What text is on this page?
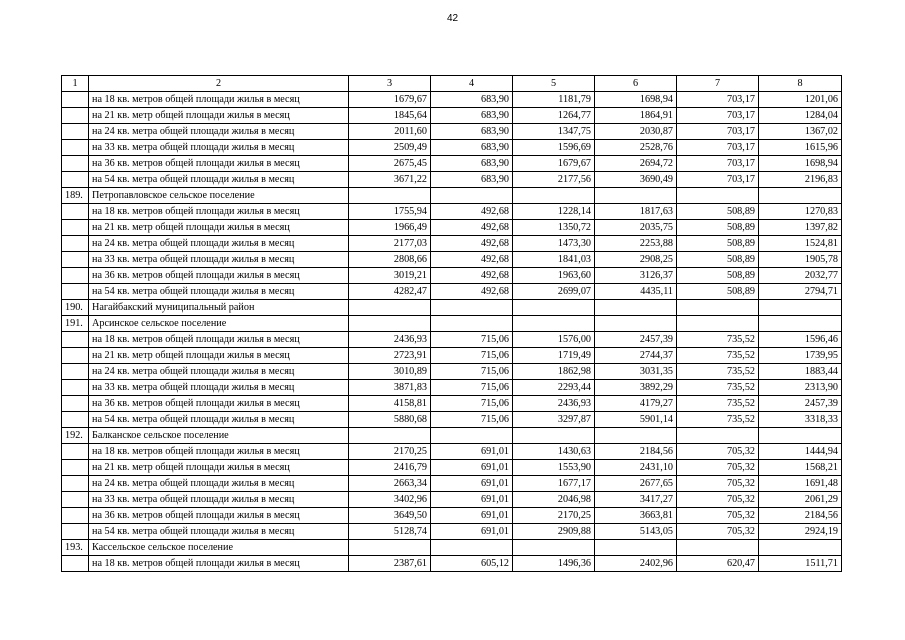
42
1	2	3	4	5	6	7	8
	на 18 кв. метров общей площади жилья в месяц	1679,67	683,90	1181,79	1698,94	703,17	1201,06
	на 21 кв. метр общей площади жилья в месяц	1845,64	683,90	1264,77	1864,91	703,17	1284,04
	на 24 кв. метра общей площади жилья в месяц	2011,60	683,90	1347,75	2030,87	703,17	1367,02
	на 33 кв. метра общей площади жилья в месяц	2509,49	683,90	1596,69	2528,76	703,17	1615,96
	на 36 кв. метров общей площади жилья в месяц	2675,45	683,90	1679,67	2694,72	703,17	1698,94
	на 54 кв. метра общей площади жилья в месяц	3671,22	683,90	2177,56	3690,49	703,17	2196,83
189.	Петропавловское сельское поселение						
	на 18 кв. метров общей площади жилья в месяц	1755,94	492,68	1228,14	1817,63	508,89	1270,83
	на 21 кв. метр общей площади жилья в месяц	1966,49	492,68	1350,72	2035,75	508,89	1397,82
	на 24 кв. метра общей площади жилья в месяц	2177,03	492,68	1473,30	2253,88	508,89	1524,81
	на 33 кв. метра общей площади жилья в месяц	2808,66	492,68	1841,03	2908,25	508,89	1905,78
	на 36 кв. метров общей площади жилья в месяц	3019,21	492,68	1963,60	3126,37	508,89	2032,77
	на 54 кв. метра общей площади жилья в месяц	4282,47	492,68	2699,07	4435,11	508,89	2794,71
190.	Нагайбакский муниципальный район						
191.	Арсинское сельское поселение						
	на 18 кв. метров общей площади жилья в месяц	2436,93	715,06	1576,00	2457,39	735,52	1596,46
	на 21 кв. метр общей площади жилья в месяц	2723,91	715,06	1719,49	2744,37	735,52	1739,95
	на 24 кв. метра общей площади жилья в месяц	3010,89	715,06	1862,98	3031,35	735,52	1883,44
	на 33 кв. метра общей площади жилья в месяц	3871,83	715,06	2293,44	3892,29	735,52	2313,90
	на 36 кв. метров общей площади жилья в месяц	4158,81	715,06	2436,93	4179,27	735,52	2457,39
	на 54 кв. метра общей площади жилья в месяц	5880,68	715,06	3297,87	5901,14	735,52	3318,33
192.	Балканское сельское поселение						
	на 18 кв. метров общей площади жилья в месяц	2170,25	691,01	1430,63	2184,56	705,32	1444,94
	на 21 кв. метр общей площади жилья в месяц	2416,79	691,01	1553,90	2431,10	705,32	1568,21
	на 24 кв. метра общей площади жилья в месяц	2663,34	691,01	1677,17	2677,65	705,32	1691,48
	на 33 кв. метра общей площади жилья в месяц	3402,96	691,01	2046,98	3417,27	705,32	2061,29
	на 36 кв. метров общей площади жилья в месяц	3649,50	691,01	2170,25	3663,81	705,32	2184,56
	на 54 кв. метра общей площади жилья в месяц	5128,74	691,01	2909,88	5143,05	705,32	2924,19
193.	Кассельское сельское поселение						
	на 18 кв. метров общей площади жилья в месяц	2387,61	605,12	1496,36	2402,96	620,47	1511,71
